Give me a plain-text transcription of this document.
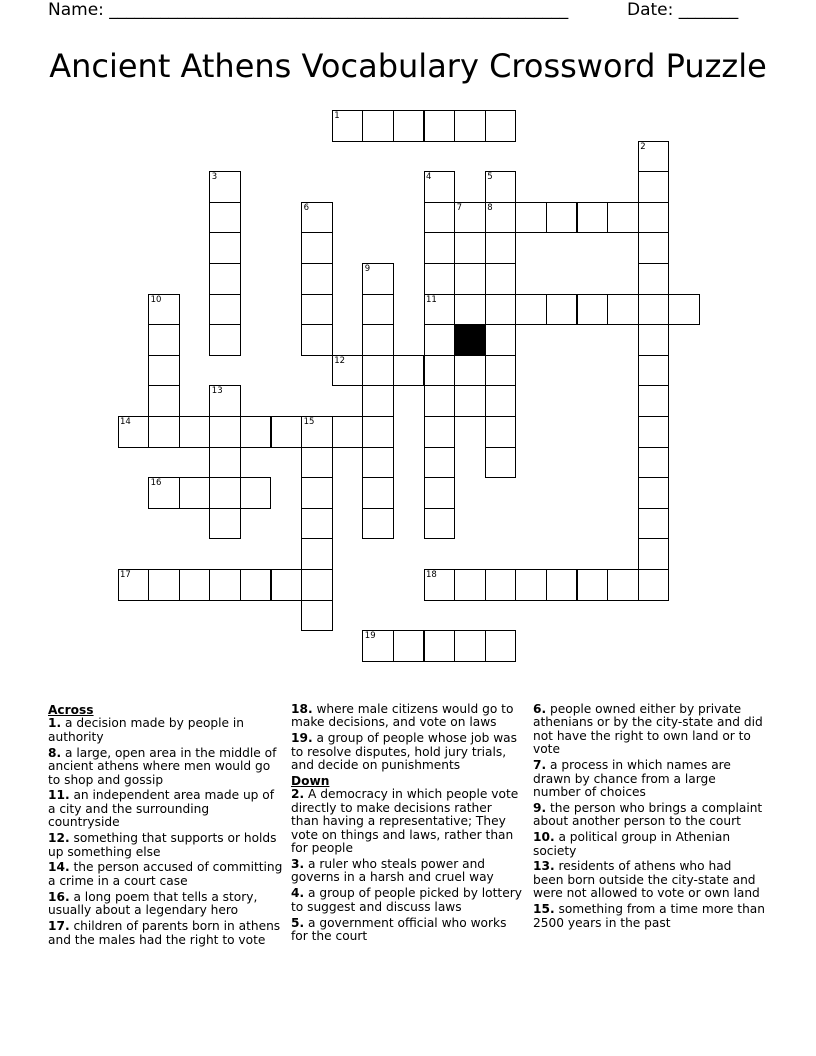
Name: ______________________________________________________	Date: _______
Ancient Athens Vocabulary Crossword Puzzle
1
2
3	4	5
6	7	8
9
10	11
12
13
14	15
16
17	18
19
Across
1. a decision made by people in authority
8. a large, open area in the middle of ancient athens where men would go to shop and gossip
11. an independent area made up of a city and the surrounding countryside
12. something that supports or holds up something else
14. the person accused of committing a crime in a court case
16. a long poem that tells a story, usually about a legendary hero
17. children of parents born in athens and the males had the right to vote
18. where male citizens would go to make decisions, and vote on laws
19. a group of people whose job was to resolve disputes, hold jury trials, and decide on punishments
Down
2. A democracy in which people vote directly to make decisions rather than having a representative; They vote on things and laws, rather than for people
3. a ruler who steals power and governs in a harsh and cruel way
4. a group of people picked by lottery to suggest and discuss laws
5. a government official who works for the court
6. people owned either by private athenians or by the city-state and did not have the right to own land or to vote
7. a process in which names are drawn by chance from a large number of choices
9. the person who brings a complaint about another person to the court
10. a political group in Athenian society
13. residents of athens who had been born outside the city-state and were not allowed to vote or own land
15. something from a time more than 2500 years in the past
